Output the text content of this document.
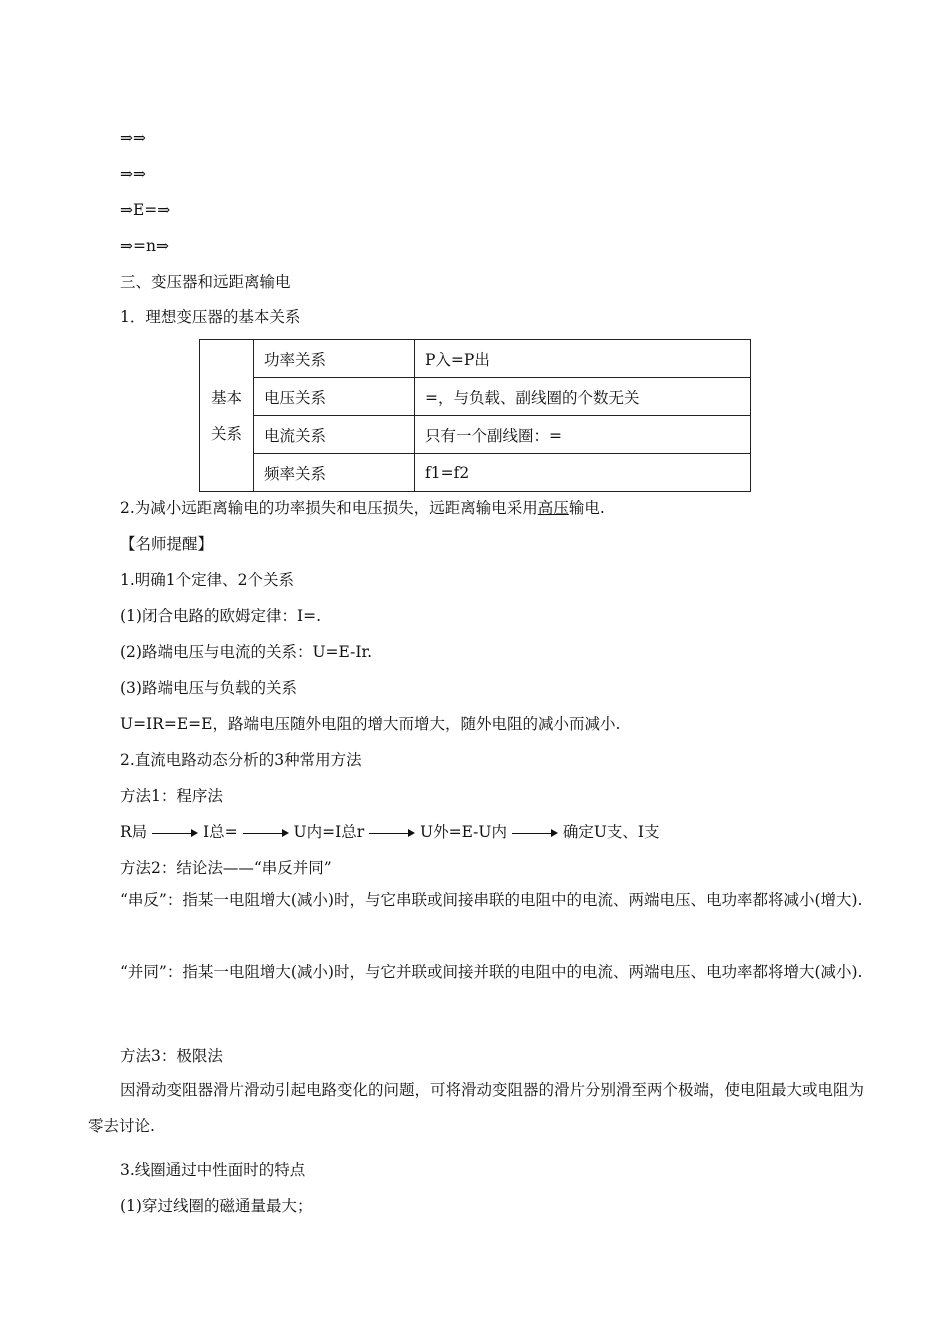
⇒⇒
⇒⇒
⇒E=⇒
⇒=n⇒
三、变压器和远距离输电
1．理想变压器的基本关系
基本
关系	功率关系	P入=P出
	电压关系	=，与负载、副线圈的个数无关
	电流关系	只有一个副线圈：=
	频率关系	f1=f2
2.为减小远距离输电的功率损失和电压损失，远距离输电采用高压输电.
【名师提醒】
1.明确1个定律、2个关系
(1)闭合电路的欧姆定律：I=.
(2)路端电压与电流的关系：U=E-Ir.
(3)路端电压与负载的关系
U=IR=E=E，路端电压随外电阻的增大而增大，随外电阻的减小而减小.
2.直流电路动态分析的3种常用方法
方法1：程序法
R局	I总=	U内=I总r	U外=E-U内	确定U支、I支
方法2：结论法——“串反并同”
“串反”：指某一电阻增大(减小)时，与它串联或间接串联的电阻中的电流、两端电压、电功率都将减小(增大).
“并同”：指某一电阻增大(减小)时，与它并联或间接并联的电阻中的电流、两端电压、电功率都将增大(减小).
方法3：极限法
因滑动变阻器滑片滑动引起电路变化的问题，可将滑动变阻器的滑片分别滑至两个极端，使电阻最大或电阻为零去讨论.
3.线圈通过中性面时的特点
(1)穿过线圈的磁通量最大；
